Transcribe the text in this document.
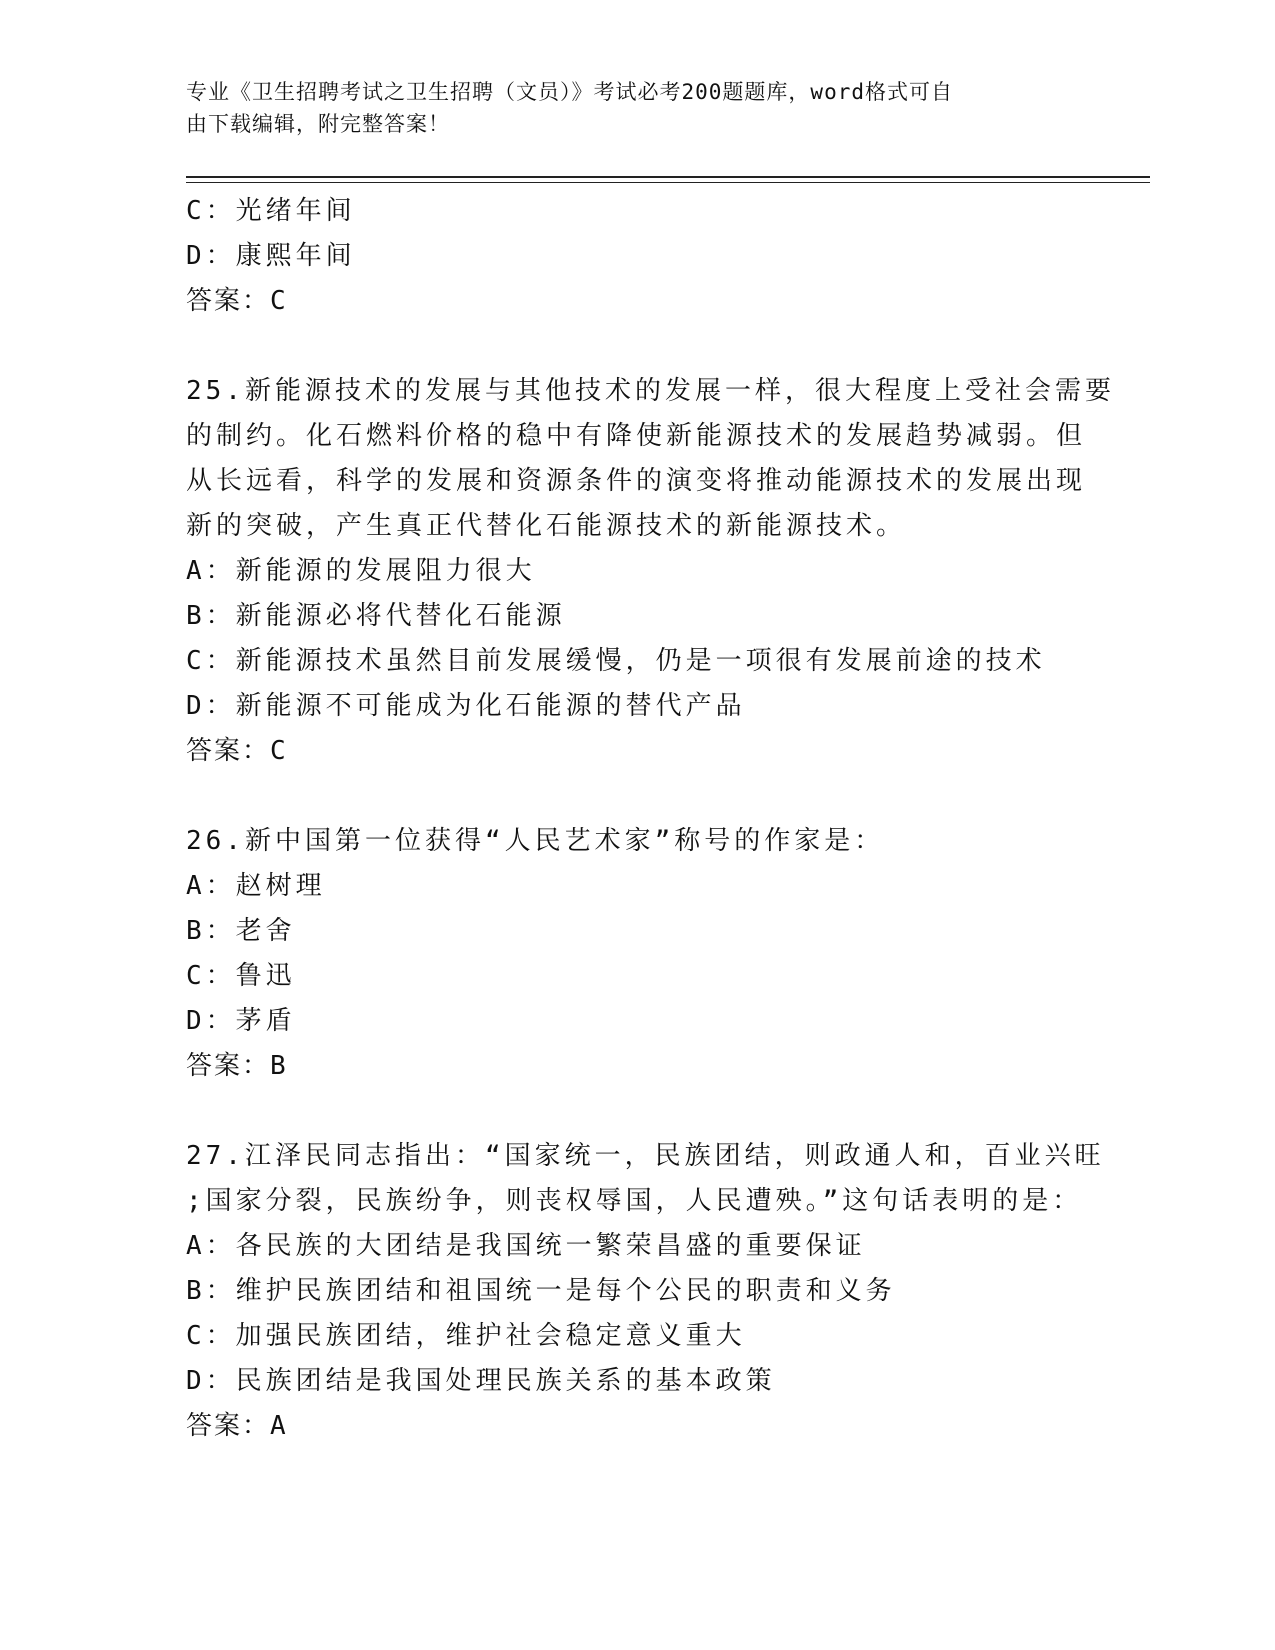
专业《卫生招聘考试之卫生招聘（文员）》考试必考200题题库，word格式可自
由下载编辑，附完整答案！
C：光绪年间
D：康熙年间
答案：C
25.新能源技术的发展与其他技术的发展一样，很大程度上受社会需要
的制约。化石燃料价格的稳中有降使新能源技术的发展趋势减弱。但
从长远看，科学的发展和资源条件的演变将推动能源技术的发展出现
新的突破，产生真正代替化石能源技术的新能源技术。
A：新能源的发展阻力很大
B：新能源必将代替化石能源
C：新能源技术虽然目前发展缓慢，仍是一项很有发展前途的技术
D：新能源不可能成为化石能源的替代产品
答案：C
26.新中国第一位获得“人民艺术家”称号的作家是：
A：赵树理
B：老舍
C：鲁迅
D：茅盾
答案：B
27.江泽民同志指出：“国家统一，民族团结，则政通人和，百业兴旺
;国家分裂，民族纷争，则丧权辱国，人民遭殃。”这句话表明的是：
A：各民族的大团结是我国统一繁荣昌盛的重要保证
B：维护民族团结和祖国统一是每个公民的职责和义务
C：加强民族团结，维护社会稳定意义重大
D：民族团结是我国处理民族关系的基本政策
答案：A
